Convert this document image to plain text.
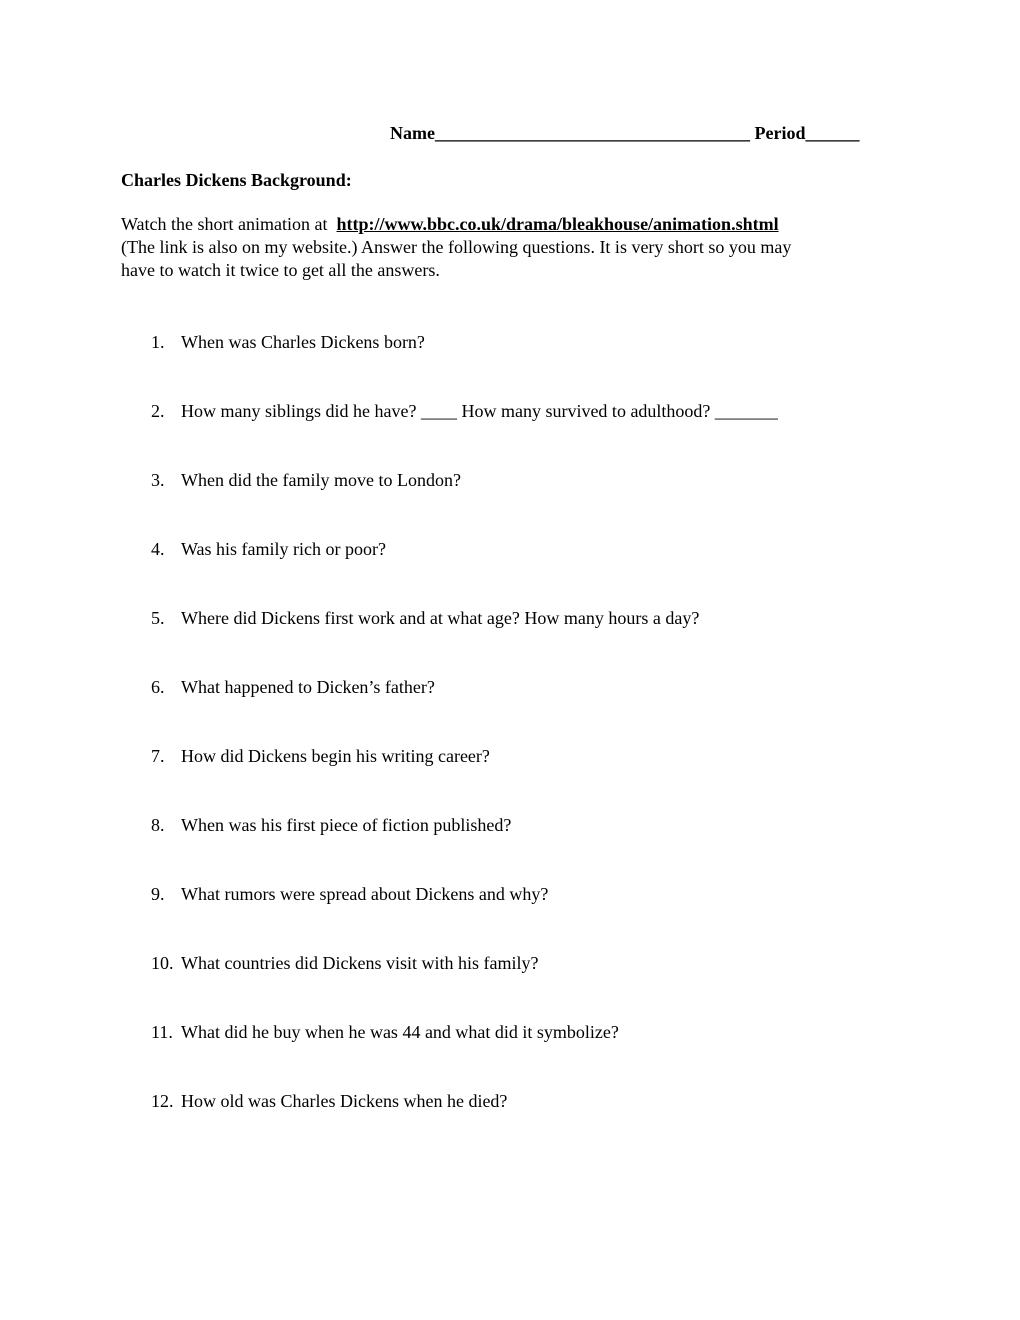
Name___________________________________ Period______
Charles Dickens Background:
Watch the short animation at http://www.bbc.co.uk/drama/bleakhouse/animation.shtml
(The link is also on my website.) Answer the following questions. It is very short so you may
have to watch it twice to get all the answers.
1. When was Charles Dickens born?
2. How many siblings did he have? ____ How many survived to adulthood? _______
3. When did the family move to London?
4. Was his family rich or poor?
5. Where did Dickens first work and at what age? How many hours a day?
6. What happened to Dicken’s father?
7. How did Dickens begin his writing career?
8. When was his first piece of fiction published?
9. What rumors were spread about Dickens and why?
10. What countries did Dickens visit with his family?
11. What did he buy when he was 44 and what did it symbolize?
12. How old was Charles Dickens when he died?
